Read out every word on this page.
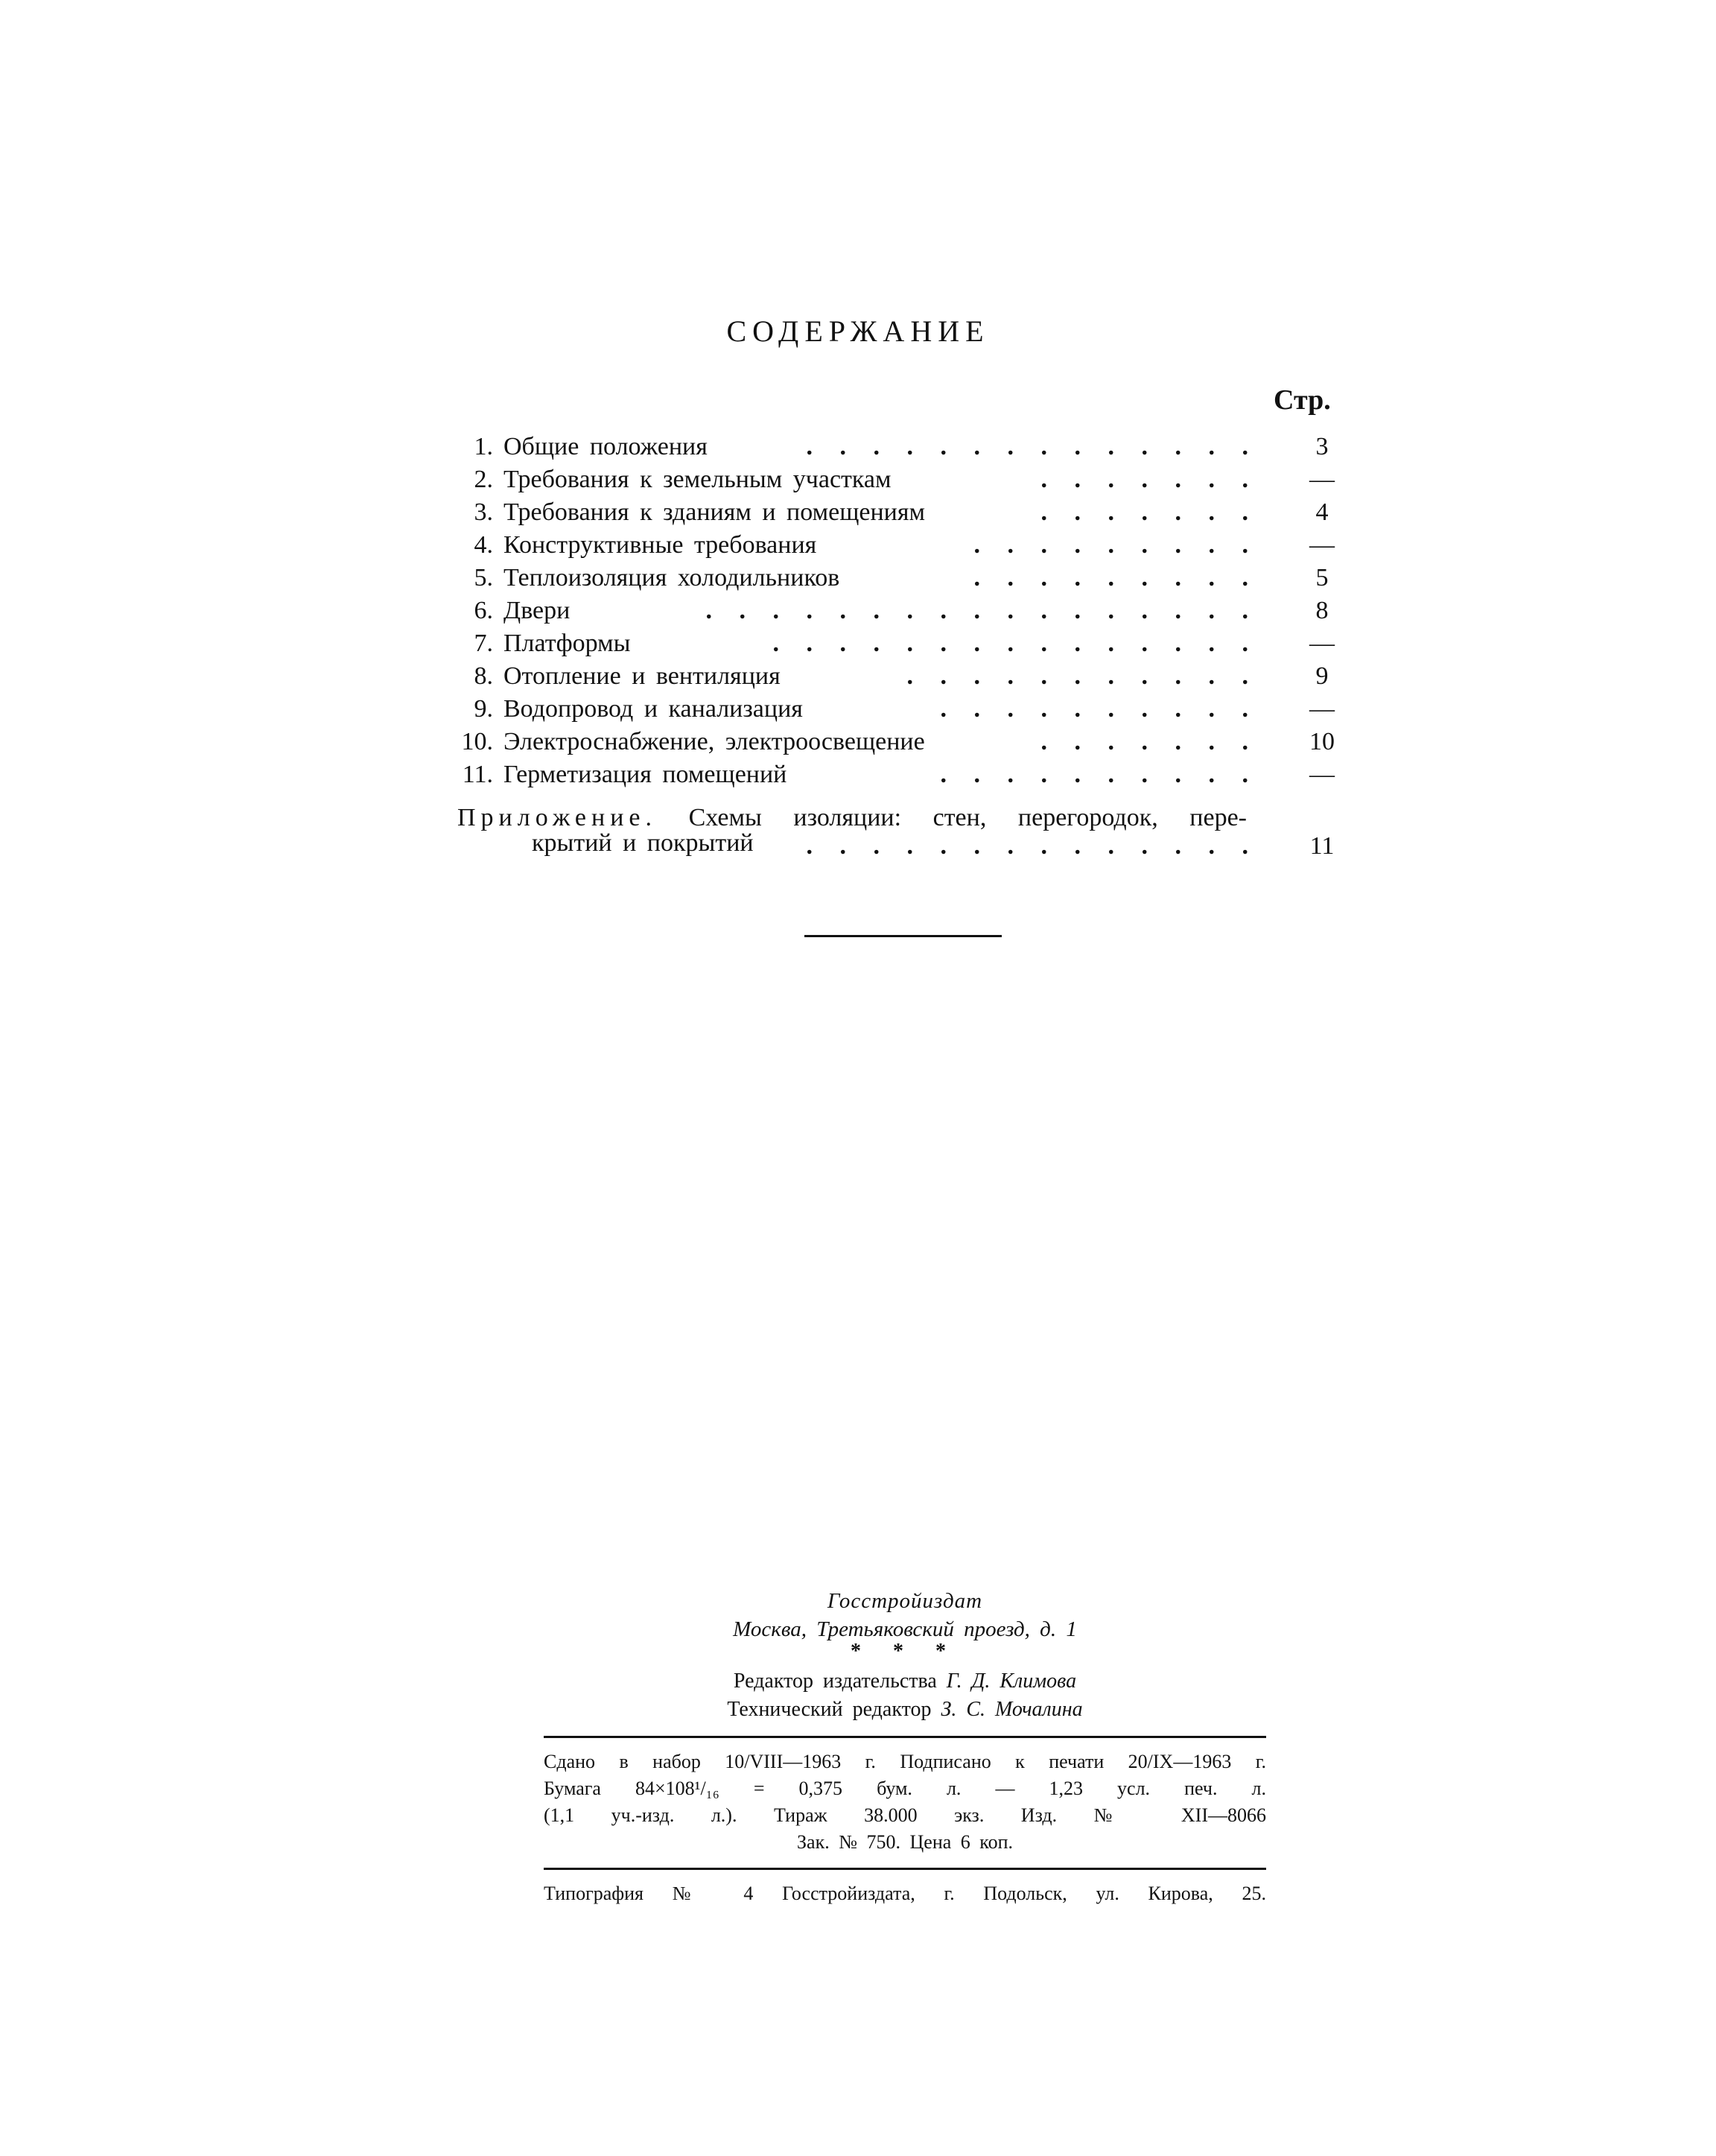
СОДЕРЖАНИЕ
Стр.
1. Общие положения	. . . . . . . . . . . . . .	3
2. Требования к земельным участкам	. . . . . . .	—
3. Требования к зданиям и помещениям	. . . . . . .	4
4. Конструктивные требования	. . . . . . . . .	—
5. Теплоизоляция холодильников	. . . . . . . . .	5
6. Двери	. . . . . . . . . . . . . . . . .	8
7. Платформы	. . . . . . . . . . . . . . .	—
8. Отопление и вентиляция	. . . . . . . . . . .	9
9. Водопровод и канализация	. . . . . . . . . .	—
10. Электроснабжение, электроосвещение	. . . . . . .	10
11. Герметизация помещений	. . . . . . . . . .	—
Приложение. Схемы изоляции: стен, перегородок, пере-
крытий и покрытий . . . . . . . . . . . . . .	11
Госстройиздат
Москва, Третьяковский проезд, д. 1
* * *
Редактор издательства Г. Д. Климова
Технический редактор З. С. Мочалина
Сдано в набор 10/VIII—1963 г. Подписано к печати 20/IX—1963 г.
Бумага 84×108¹/₁₆ = 0,375 бум. л. — 1,23 усл. печ. л.
(1,1 уч.-изд. л.). Тираж 38.000 экз. Изд. № XII—8066
Зак. № 750. Цена 6 коп.
Типография № 4 Госстройиздата, г. Подольск, ул. Кирова, 25.
